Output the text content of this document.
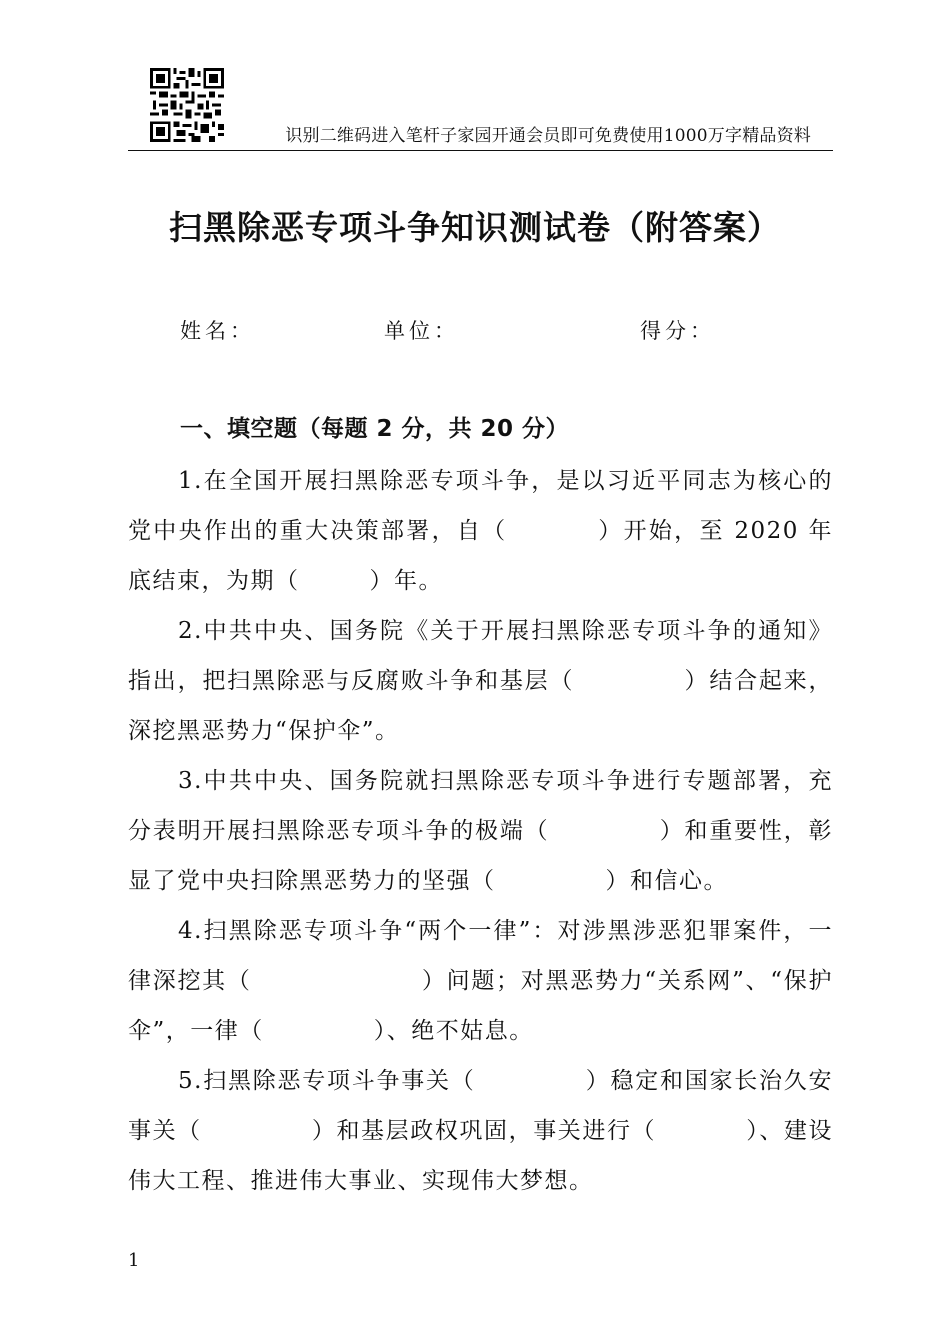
识别二维码进入笔杆子家园开通会员即可免费使用1000万字精品资料
扫黑除恶专项斗争知识测试卷（附答案）
姓名：	单位：	得分：
一、填空题（每题 2 分，共 20 分）

1.在全国开展扫黑除恶专项斗争，是以习近平同志为核心的党中央作出的重大决策部署，自（	）开始，至 2020 年底结束，为期（	）年。

2.中共中央、国务院《关于开展扫黑除恶专项斗争的通知》指出，把扫黑除恶与反腐败斗争和基层（	）结合起来，深挖黑恶势力“保护伞”。

3.中共中央、国务院就扫黑除恶专项斗争进行专题部署，充分表明开展扫黑除恶专项斗争的极端（	）和重要性，彰显了党中央扫除黑恶势力的坚强（	）和信心。

4.扫黑除恶专项斗争“两个一律”：对涉黑涉恶犯罪案件，一律深挖其（	）问题；对黑恶势力“关系网”、“保护伞”，一律（	）、绝不姑息。

5.扫黑除恶专项斗争事关（	）稳定和国家长治久安事关（	）和基层政权巩固，事关进行（	）、建设伟大工程、推进伟大事业、实现伟大梦想。

1
